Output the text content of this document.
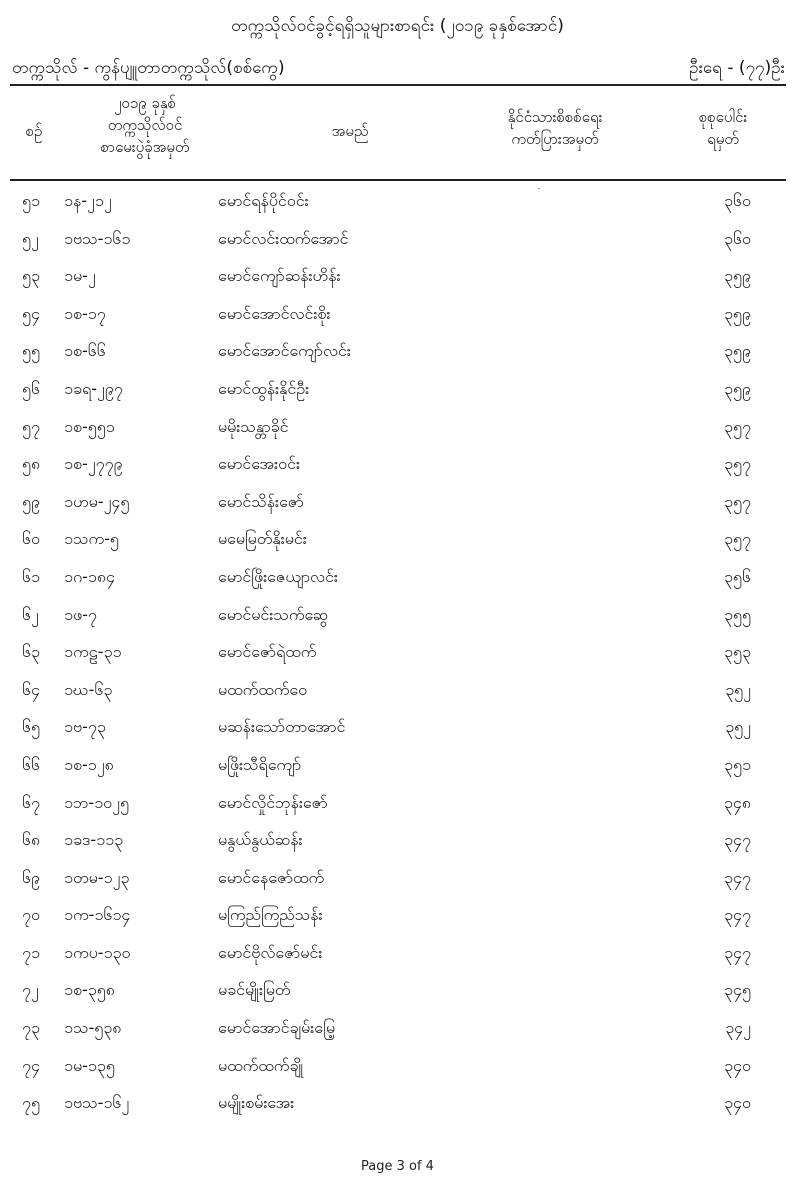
တက္ကသိုလ်ဝင်ခွင့်ရရှိသူများစာရင်း (၂၀၁၉ ခုနှစ်အောင်)
တက္ကသိုလ် - ကွန်ပျူတာတက္ကသိုလ်(စစ်ကွေ)	ဦးရေ - (၇၇)ဦး
စဉ်
၂၀၁၉ ခုနှစ်
တက္ကသိုလ်ဝင်
စာမေးပွဲခုံအမှတ်
အမည်
နိုင်ငံသားစိစစ်ရေး
ကတ်ပြားအမှတ်
စုစုပေါင်း
ရမှတ်
၅၁ ၁န-၂၁၂	မောင်ရန်ပိုင်ဝင်း	၃၆၀
၅၂ ၁ဗသ-၁၆၁	မောင်လင်းထက်အောင်	၃၆၀
၅၃ ၁မ-၂	မောင်ကျော်ဆန်းဟိန်း	၃၅၉
၅၄ ၁စ-၁၇	မောင်အောင်လင်းစိုး	၃၅၉
၅၅ ၁စ-၆၆	မောင်အောင်ကျော်လင်း	၃၅၉
၅၆ ၁ခရ-၂၉၇	မောင်ထွန်းနိုင်ဦး	၃၅၉
၅၇ ၁စ-၅၅၁	မမိုးသန္တာခိုင်	၃၅၇
၅၈ ၁စ-၂၇၇၉	မောင်အေးဝင်း	၃၅၇
၅၉ ၁ဟမ-၂၄၅	မောင်သိန်းဇော်	၃၅၇
၆၀ ၁သက-၅	မမေမြတ်နိုးမင်း	၃၅၇
၆၁ ၁ဂ-၁၈၄	မောင်ဖြိုးဇေယျာလင်း	၃၅၆
၆၂ ၁ဖ-၇	မောင်မင်းသက်ဆွေ	၃၅၅
၆၃ ၁ကဠ-၃၁	မောင်ဇော်ရဲထက်	၃၅၃
၆၄ ၁ဃ-၆၃	မထက်ထက်ဝေ	၃၅၂
၆၅ ၁ဗ-၇၃	မဆန်းသော်တာအောင်	၃၅၂
၆၆ ၁စ-၁၂၈	မဖြိုးသီရိကျော်	၃၅၁
၆၇ ၁ဘ-၁၀၂၅	မောင်လှိုင်ဘုန်းဇော်	၃၄၈
၆၈ ၁ခဒ-၁၁၃	မနွယ်နွယ်ဆန်း	၃၄၇
၆၉ ၁တမ-၁၂၃	မောင်နေဇော်ထက်	၃၄၇
၇၀ ၁က-၁၆၁၄	မကြည်ကြည်သန်း	၃၄၇
၇၁ ၁ကပ-၁၃၀	မောင်ဗိုလ်ဇော်မင်း	၃၄၇
၇၂ ၁စ-၃၅၈	မခင်မျိုးမြတ်	၃၄၅
၇၃ ၁သ-၅၃၈	မောင်အောင်ချမ်းမြေ့	၃၄၂
၇၄ ၁မ-၁၃၅	မထက်ထက်ချို	၃၄၀
၇၅ ၁ဗသ-၁၆၂	မမျိုးစမ်းအေး	၃၄၀
Page 3 of 4
